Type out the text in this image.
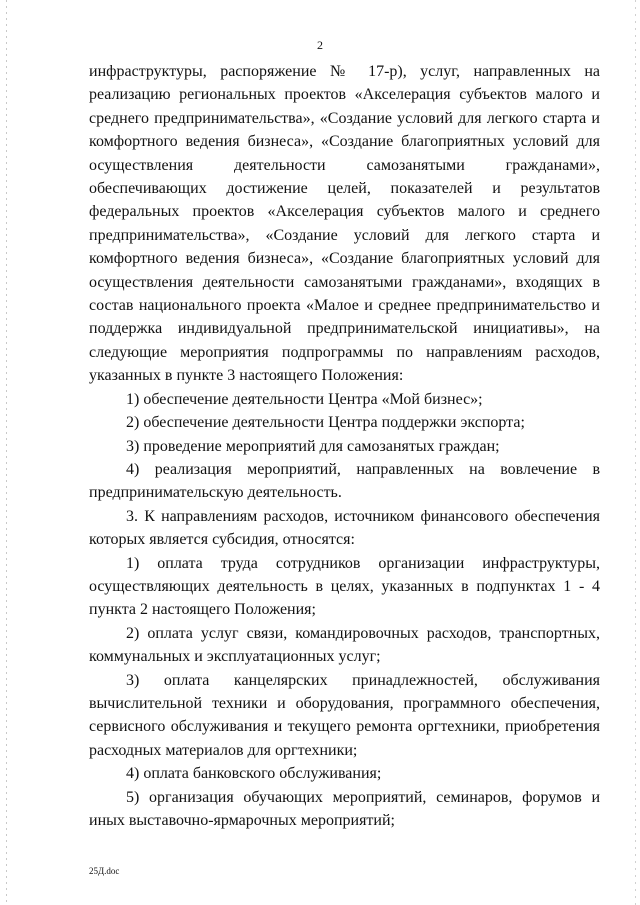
2
инфраструктуры, распоряжение № 17-р), услуг, направленных на
реализацию региональных проектов «Акселерация субъектов малого и
среднего предпринимательства», «Создание условий для легкого старта и
комфортного ведения бизнеса», «Создание благоприятных условий для
осуществления деятельности самозанятыми гражданами»,
обеспечивающих достижение целей, показателей и результатов
федеральных проектов «Акселерация субъектов малого и среднего
предпринимательства», «Создание условий для легкого старта и
комфортного ведения бизнеса», «Создание благоприятных условий для
осуществления деятельности самозанятыми гражданами», входящих в
состав национального проекта «Малое и среднее предпринимательство и
поддержка индивидуальной предпринимательской инициативы», на
следующие мероприятия подпрограммы по направлениям расходов,
указанных в пункте 3 настоящего Положения:
1) обеспечение деятельности Центра «Мой бизнес»;
2) обеспечение деятельности Центра поддержки экспорта;
3) проведение мероприятий для самозанятых граждан;
4) реализация мероприятий, направленных на вовлечение в
предпринимательскую деятельность.
3. К направлениям расходов, источником финансового обеспечения
которых является субсидия, относятся:
1) оплата труда сотрудников организации инфраструктуры,
осуществляющих деятельность в целях, указанных в подпунктах 1 - 4
пункта 2 настоящего Положения;
2) оплата услуг связи, командировочных расходов, транспортных,
коммунальных и эксплуатационных услуг;
3) оплата канцелярских принадлежностей, обслуживания
вычислительной техники и оборудования, программного обеспечения,
сервисного обслуживания и текущего ремонта оргтехники, приобретения
расходных материалов для оргтехники;
4) оплата банковского обслуживания;
5) организация обучающих мероприятий, семинаров, форумов и
иных выставочно-ярмарочных мероприятий;
25Д.doc
